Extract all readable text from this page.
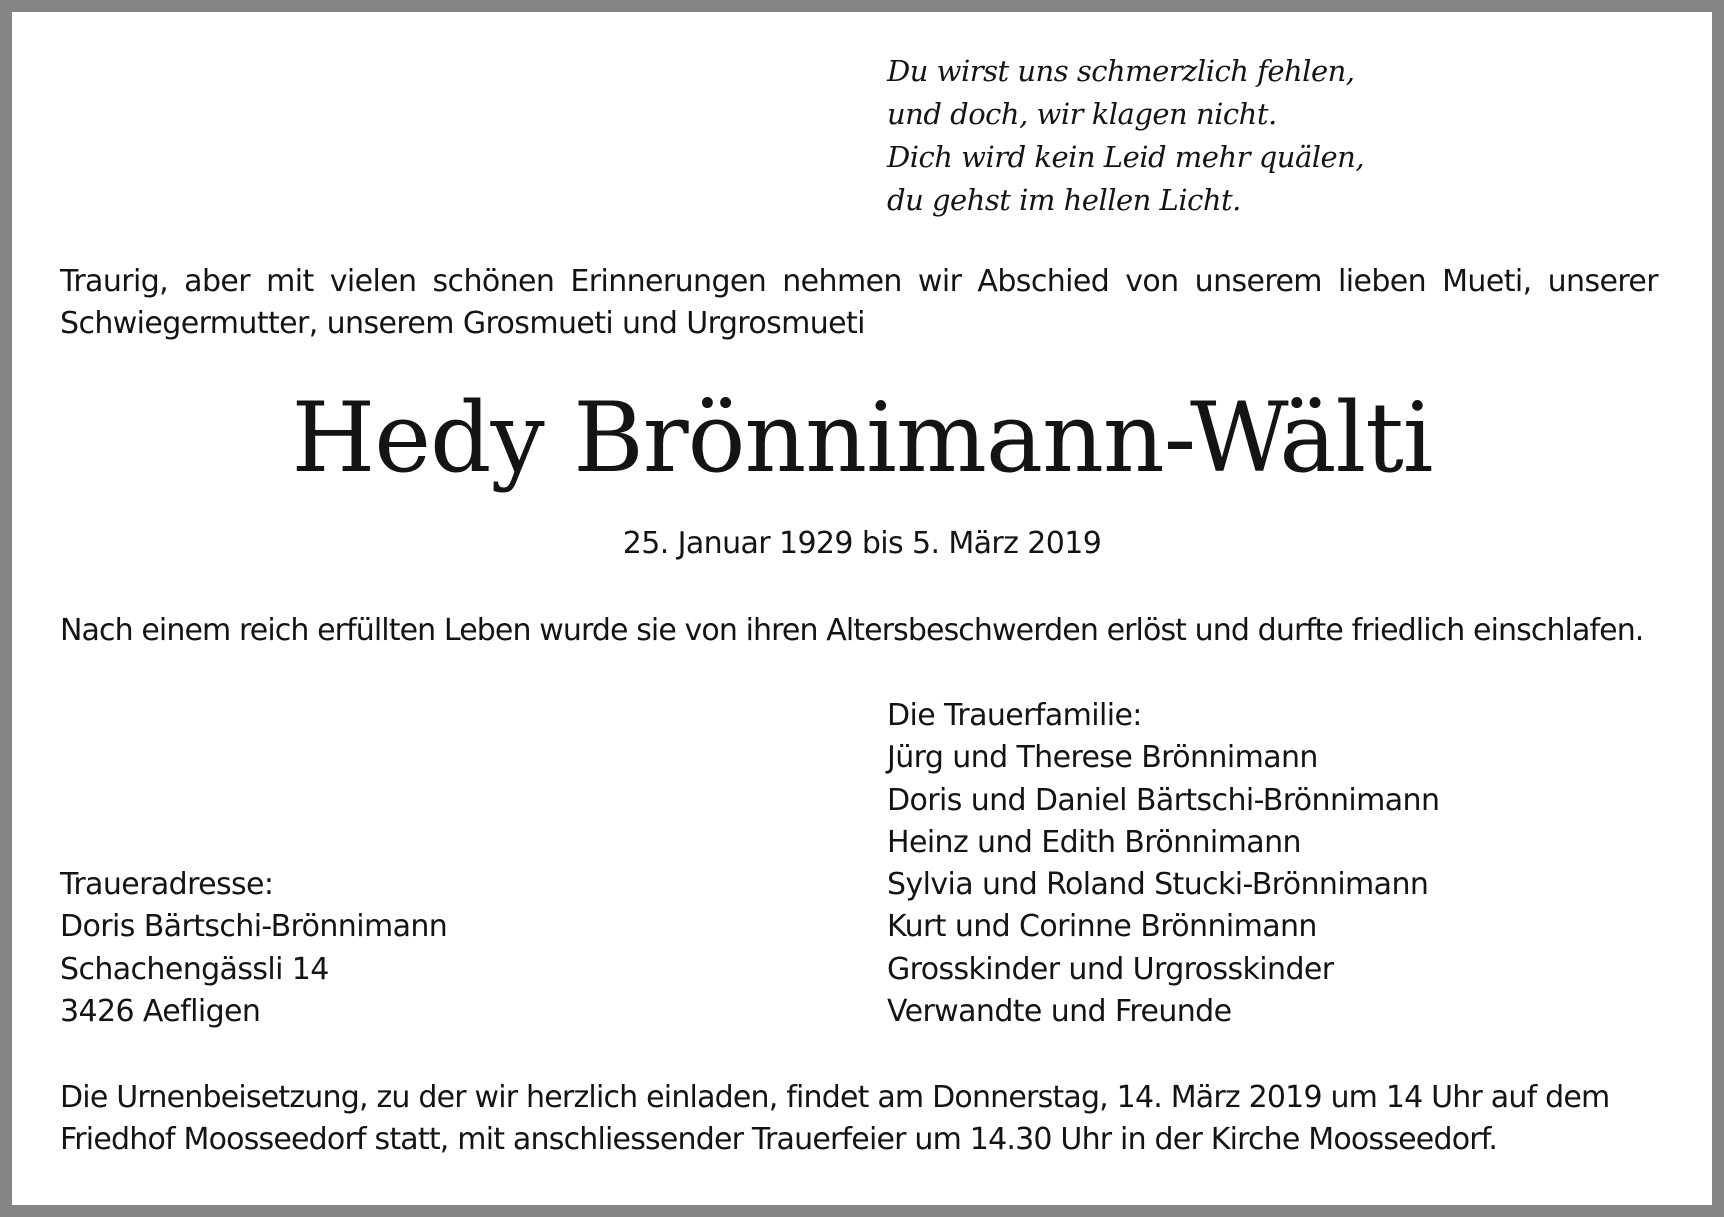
Du wirst uns schmerzlich fehlen,
und doch, wir klagen nicht.
Dich wird kein Leid mehr quälen,
du gehst im hellen Licht.
Traurig, aber mit vielen schönen Erinnerungen nehmen wir Abschied von unserem lieben Mueti, unserer
Schwiegermutter, unserem Grosmueti und Urgrosmueti
Hedy Brönnimann-Wälti
25. Januar 1929 bis 5. März 2019
Nach einem reich erfüllten Leben wurde sie von ihren Altersbeschwerden erlöst und durfte friedlich einschlafen.
Die Trauerfamilie:
Jürg und Therese Brönnimann
Doris und Daniel Bärtschi-Brönnimann
Heinz und Edith Brönnimann
Sylvia und Roland Stucki-Brönnimann
Kurt und Corinne Brönnimann
Grosskinder und Urgrosskinder
Verwandte und Freunde
Traueradresse:
Doris Bärtschi-Brönnimann
Schachengässli 14
3426 Aefligen
Die Urnenbeisetzung, zu der wir herzlich einladen, findet am Donnerstag, 14. März 2019 um 14 Uhr auf dem
Friedhof Moosseedorf statt, mit anschliessender Trauerfeier um 14.30 Uhr in der Kirche Moosseedorf.
